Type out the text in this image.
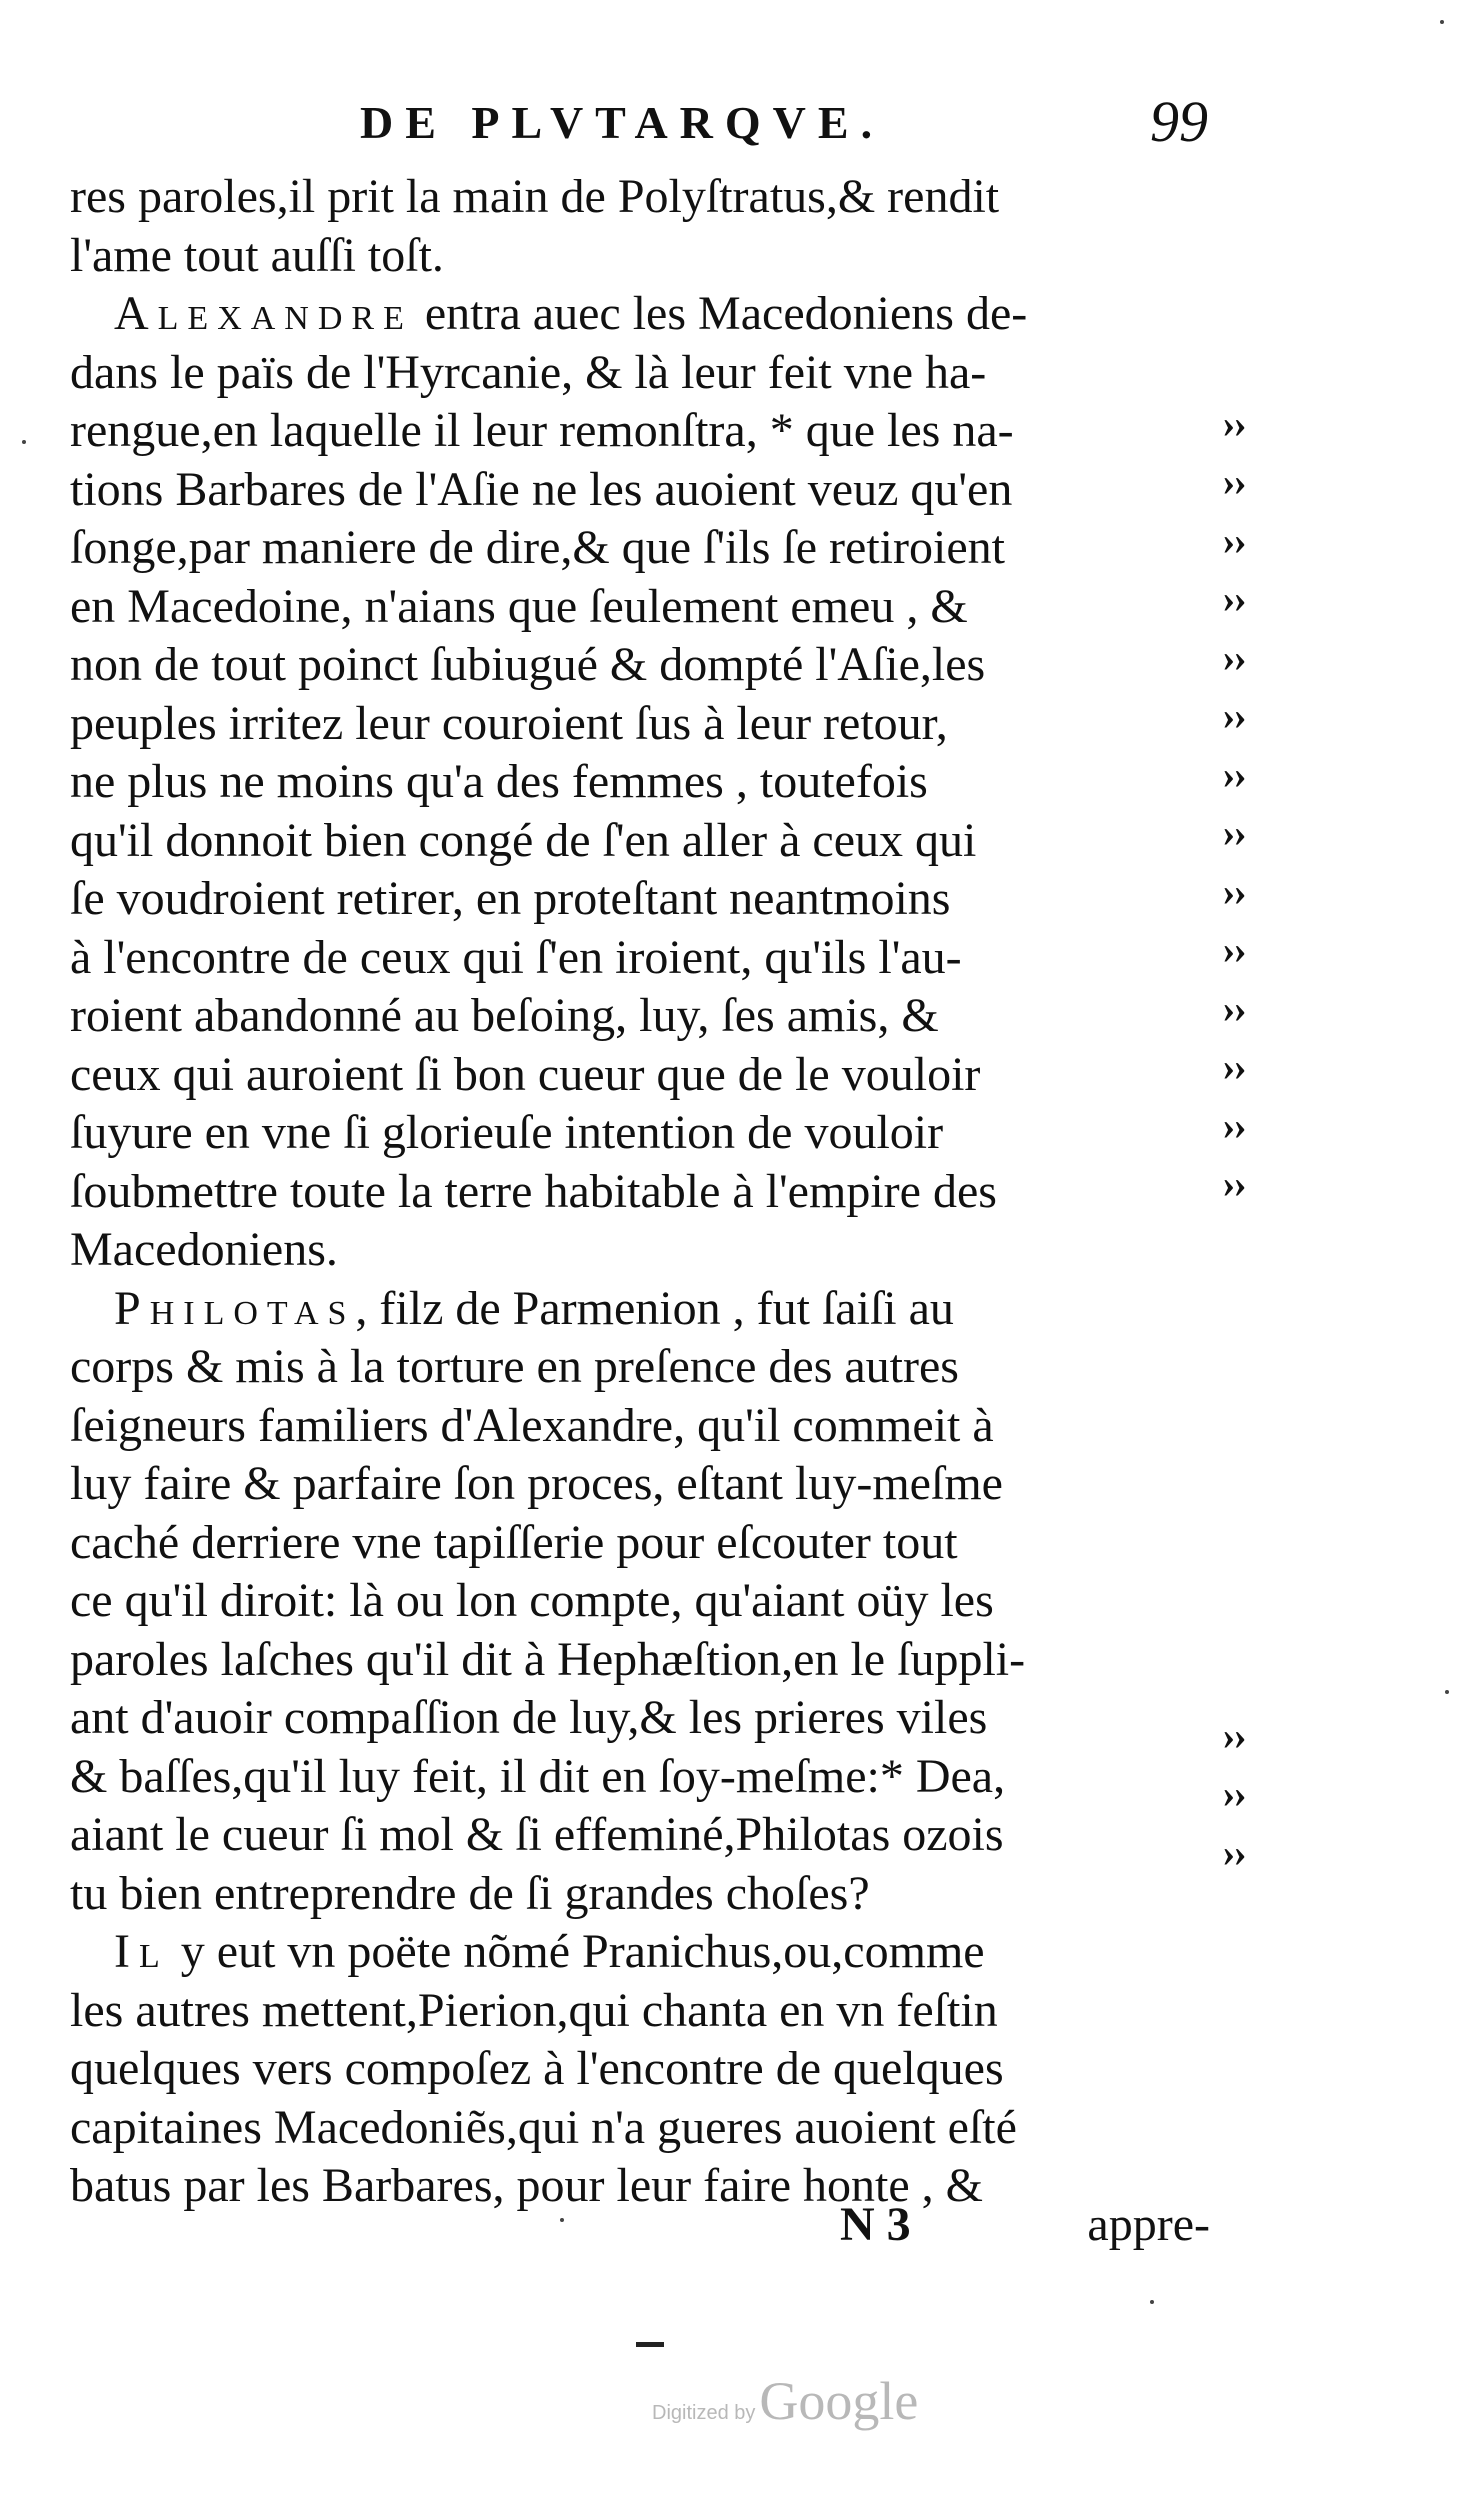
DE PLVTARQVE.	99
res paroles,il prit la main de Polyſtratus,& rendit
l'ame tout auſſi toſt.
Alexandre entra auec les Macedoniens de-
dans le païs de l'Hyrcanie, & là leur feit vne ha-
rengue,en laquelle il leur remonſtra, * que les na-
tions Barbares de l'Aſie ne les auoient veuz qu'en
ſonge,par maniere de dire,& que ſ'ils ſe retiroient
en Macedoine, n'aians que ſeulement emeu , &
non de tout poinct ſubiugué & dompté l'Aſie,les
peuples irritez leur couroient ſus à leur retour,
ne plus ne moins qu'a des femmes , toutefois
qu'il donnoit bien congé de ſ'en aller à ceux qui
ſe voudroient retirer, en proteſtant neantmoins
à l'encontre de ceux qui ſ'en iroient, qu'ils l'au-
roient abandonné au beſoing, luy, ſes amis, &
ceux qui auroient ſi bon cueur que de le vouloir
ſuyure en vne ſi glorieuſe intention de vouloir
ſoubmettre toute la terre habitable à l'empire des
Macedoniens.
Philotas, filz de Parmenion , fut ſaiſi au
corps & mis à la torture en preſence des autres
ſeigneurs familiers d'Alexandre, qu'il commeit à
luy faire & parfaire ſon proces, eſtant luy-meſme
caché derriere vne tapiſſerie pour eſcouter tout
ce qu'il diroit: là ou lon compte, qu'aiant oüy les
paroles laſches qu'il dit à Hephæſtion,en le ſuppli-
ant d'auoir compaſſion de luy,& les prieres viles
& baſſes,qu'il luy feit, il dit en ſoy-meſme:* Dea,
aiant le cueur ſi mol & ſi effeminé,Philotas ozois
tu bien entreprendre de ſi grandes choſes?
Il y eut vn poëte nõmé Pranichus,ou,comme
les autres mettent,Pierion,qui chanta en vn feſtin
quelques vers compoſez à l'encontre de quelques
capitaines Macedoniẽs,qui n'a gueres auoient eſté
batus par les Barbares, pour leur faire honte , &
››
››
››
››
››
››
››
››
››
››
››
››
››
››
››
››
››
N 3	appre-
Digitized byGoogle
